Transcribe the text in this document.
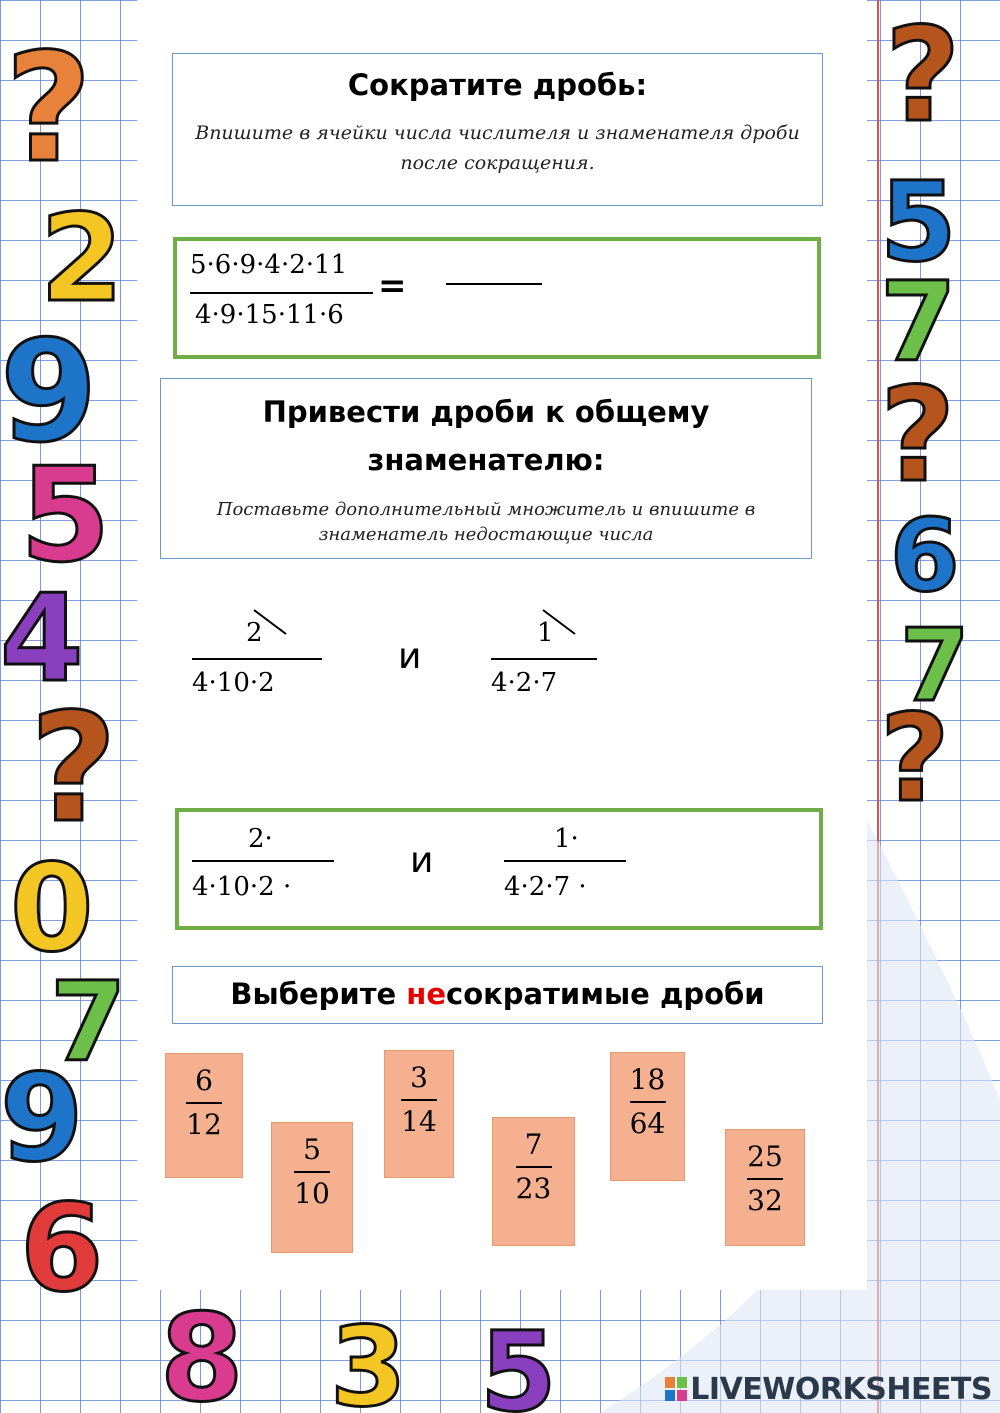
?
2
9
5
4
?
0
7
9
6
8 3 5
?
5
7
?
6
7
?

Сократите дробь:

Впишите в ячейки числа числителя и знаменателя дроби

после сокращения.

5·6·9·4·2·11
4·9·15·11·6
=

Привести дроби к общему

знаменателю:

Поставьте дополнительный множитель и впишите в

знаменатель недостающие числа

2
4·10·2
и
1
4·2·7
2·
4·10·2 ·
и
1·
4·2·7 ·

Выберите несократимые дроби

6
12
5
10
3
14
7
23
18
64
25
32
LIVEWORKSHEETS
